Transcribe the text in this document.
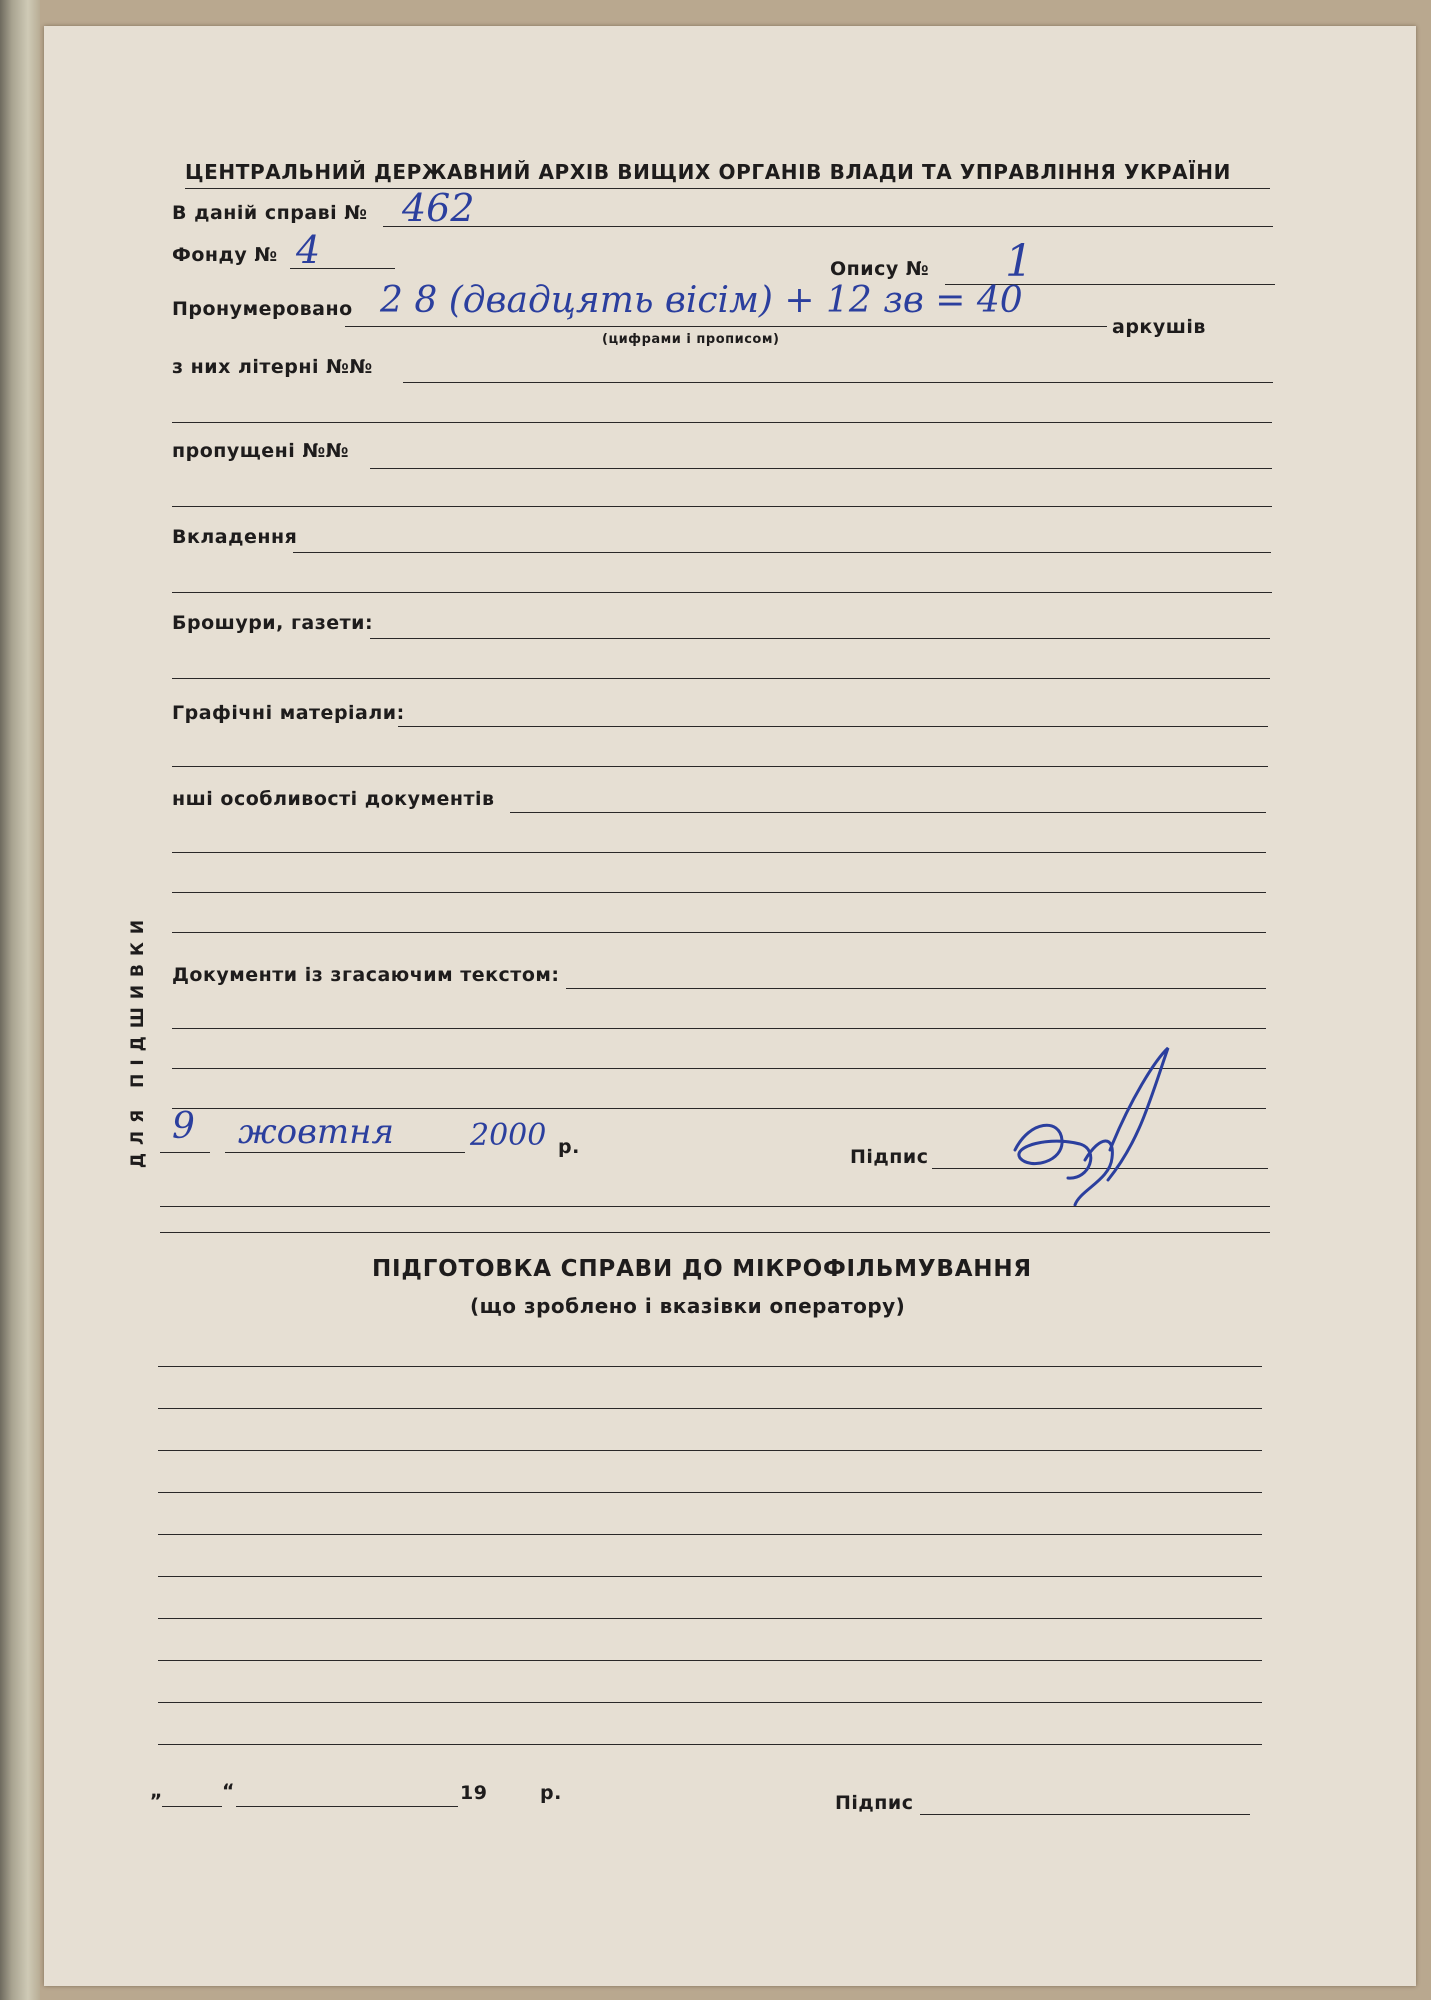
ЦЕНТРАЛЬНИЙ ДЕРЖАВНИЙ АРХІВ ВИЩИХ ОРГАНІВ ВЛАДИ ТА УПРАВЛІННЯ УКРАЇНИ
В даній справі № 462
Фонду № 4	Опису № 1
Пронумеровано 2 8 (двадцять вісім) + 12 зв = 40
(цифрами і прописом)
аркушів
з них літерні №№
пропущені №№
Вкладення
Брошури, газети:
Графічні матеріали:
нші особливості документів
Документи із згасаючим текстом:
ДЛЯ ПІДШИВКИ 9 жовтня	2000 р.	Підпис
ПІДГОТОВКА СПРАВИ ДО МІКРОФІЛЬМУВАННЯ
(що зроблено і вказівки оператору)
„	“	19	р.	Підпис
